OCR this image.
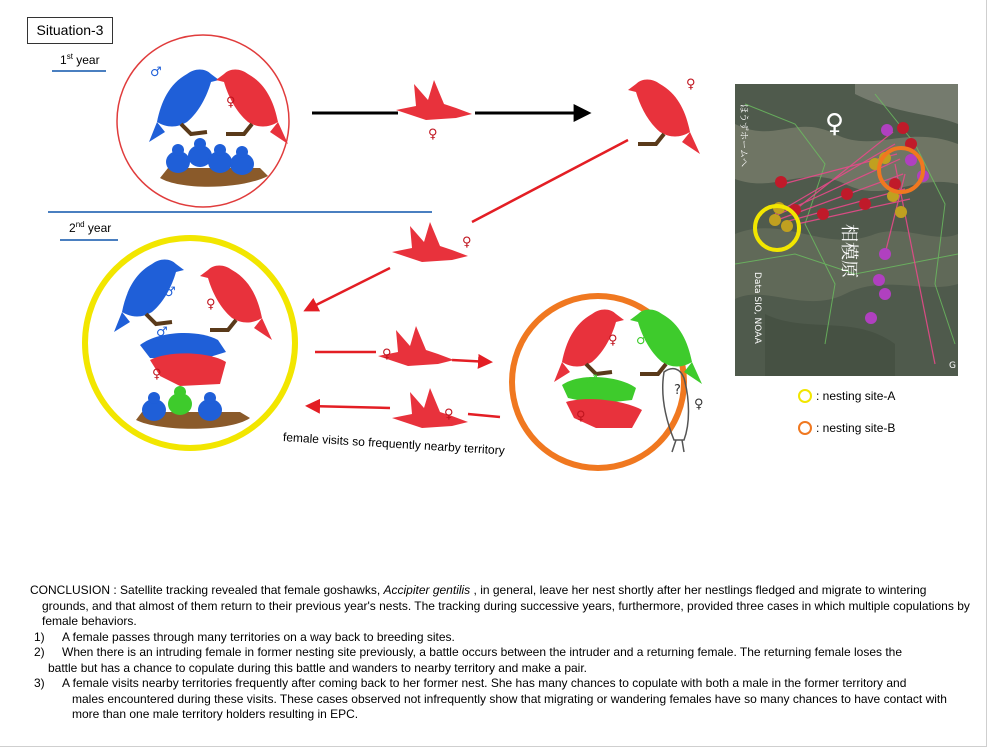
Situation-3
1st year
2nd year
♂
♀
♀
♀
♀
♂
♀
♂
♀
♀
♀
♀ ♂
♂
♀
♀
?
♀
相模原
Data SIO, NOAA
ほうずホームへ
G
: nesting site-A
: nesting site-B
female visits so frequently nearby territory

CONCLUSION : Satellite tracking revealed that female goshawks, Accipiter gentilis , in general, leave her nest shortly after her nestlings fledged and migrate to wintering
grounds, and that almost of them return to their previous year's nests. The tracking during successive years, furthermore, provided three cases in which multiple copulations by female behaviors.

1)	A female passes through many territories on a way back to breeding sites.

2)	When there is an intruding female in former nesting site previously, a battle occurs between the intruder and a returning female. The returning female loses the
battle but has a chance to copulate during this battle and wanders to nearby territory and make a pair.

3)	A female visits nearby territories frequently after coming back to her former nest. She has many chances to copulate with both a male in the former territory and
males encountered during these visits. These cases observed not infrequently show that migrating or wandering females have so many chances to have contact with more than one male territory holders resulting in EPC.
